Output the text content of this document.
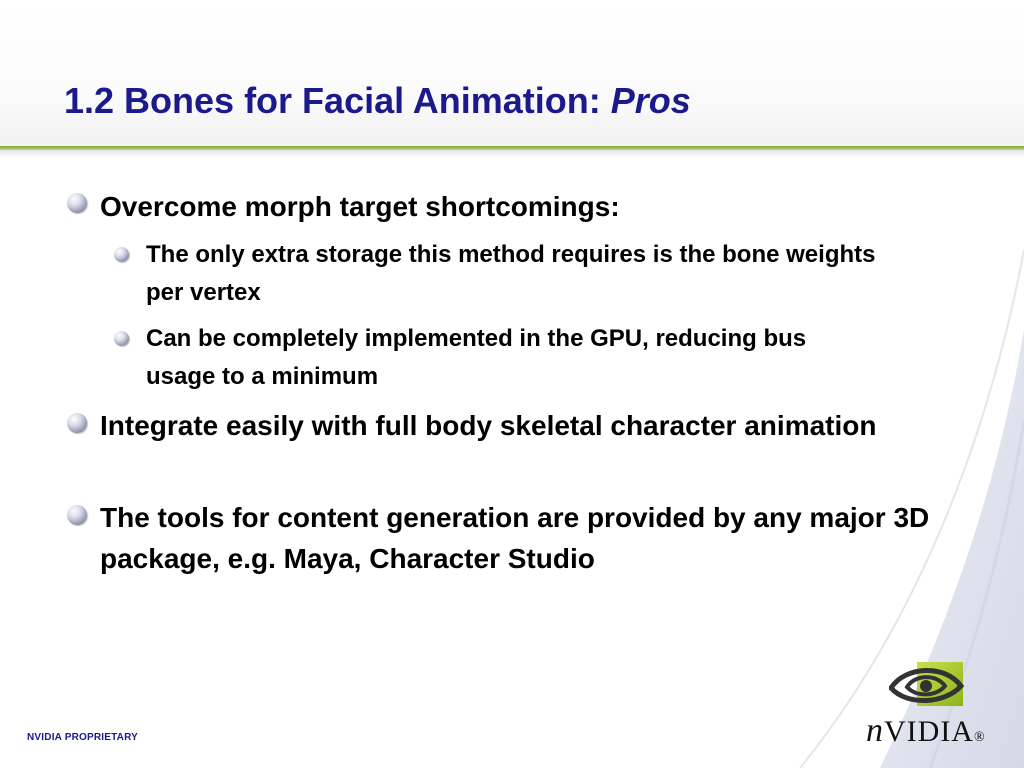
1.2 Bones for Facial Animation: Pros

Overcome morph target shortcomings:

The only extra storage this method requires is the bone weights per vertex

Can be completely implemented in the GPU, reducing bus usage to a minimum

Integrate easily with full body skeletal character animation

The tools for content generation are provided by any major 3D package, e.g. Maya, Character Studio

NVIDIA PROPRIETARY	nVIDIA®
